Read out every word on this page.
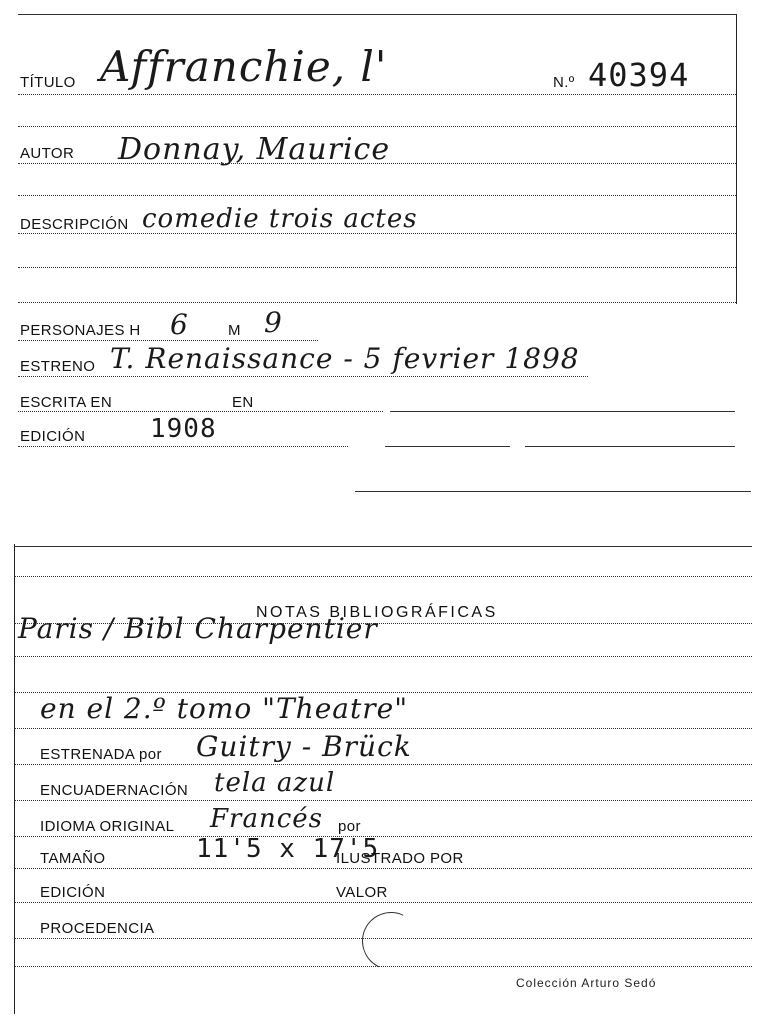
TÍTULO Affranchie, l'	N.º 40394
AUTOR Donnay, Maurice
DESCRIPCIÓN comedie trois actes
PERSONAJES H 6	M 9
ESTRENO T. Renaissance - 5 fevrier 1898
ESCRITA EN	EN
EDICIÓN 1908
NOTAS BIBLIOGRÁFICAS
Paris / Bibl Charpentier
en el 2.º tomo "Theatre"
ESTRENADA por Guitry - Brück
ENCUADERNACIÓN tela azul
IDIOMA ORIGINAL Francés por
TAMAÑO	11'5 x 17'5
ILUSTRADO POR
EDICIÓN	VALOR
PROCEDENCIA
Colección Arturo Sedó
